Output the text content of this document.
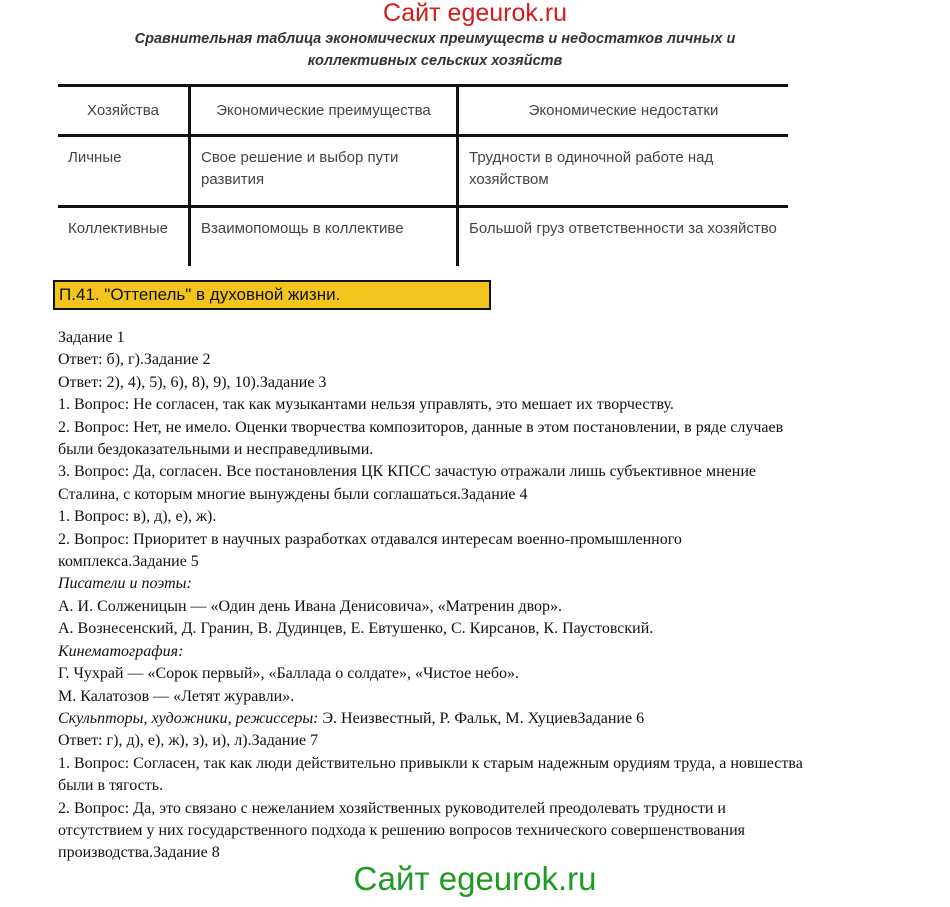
Сайт egeurok.ru
Сравнительная таблица экономических преимуществ и недостатков личных и
коллективных сельских хозяйств
Хозяйства	Экономические преимущества	Экономические недостатки
Личные	Свое решение и выбор пути развития	Трудности в одиночной работе над хозяйством
Коллективные	Взаимопомощь в коллективе	Большой груз ответственности за хозяйство
П.41. "Оттепель" в духовной жизни.
Задание 1
Ответ: б), г).Задание 2
Ответ: 2), 4), 5), 6), 8), 9), 10).Задание 3
1. Вопрос: Не согласен, так как музыкантами нельзя управлять, это мешает их творчеству.
2. Вопрос: Нет, не имело. Оценки творчества композиторов, данные в этом постановлении, в ряде случаев
были бездоказательными и несправедливыми.
3. Вопрос: Да, согласен. Все постановления ЦК КПСС зачастую отражали лишь субъективное мнение
Сталина, с которым многие вынуждены были соглашаться.Задание 4
1. Вопрос: в), д), е), ж).
2. Вопрос: Приоритет в научных разработках отдавался интересам военно-промышленного
комплекса.Задание 5
Писатели и поэты:
А. И. Солженицын — «Один день Ивана Денисовича», «Матренин двор».
А. Вознесенский, Д. Гранин, В. Дудинцев, Е. Евтушенко, С. Кирсанов, К. Паустовский.
Кинематография:
Г. Чухрай — «Сорок первый», «Баллада о солдате», «Чистое небо».
М. Калатозов — «Летят журавли».
Скульпторы, художники, режиссеры: Э. Неизвестный, Р. Фальк, М. ХуциевЗадание 6
Ответ: г), д), е), ж), з), и), л).Задание 7
1. Вопрос: Согласен, так как люди действительно привыкли к старым надежным орудиям труда, а новшества
были в тягость.
2. Вопрос: Да, это связано с нежеланием хозяйственных руководителей преодолевать трудности и
отсутствием у них государственного подхода к решению вопросов технического совершенствования
производства.Задание 8
Сайт egeurok.ru
